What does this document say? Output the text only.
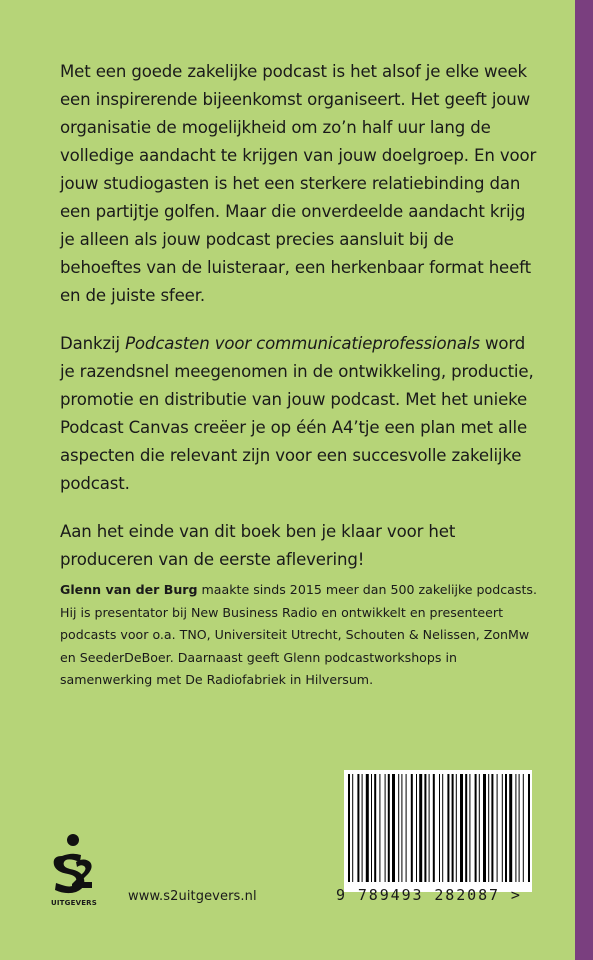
Met een goede zakelijke podcast is het alsof je elke week een inspirerende bijeenkomst organiseert. Het geeft jouw organisatie de mogelijkheid om zo’n half uur lang de volledige aandacht te krijgen van jouw doelgroep. En voor jouw studiogasten is het een sterkere relatiebinding dan een partijtje golfen. Maar die onverdeelde aandacht krijg je alleen als jouw podcast precies aansluit bij de behoeftes van de luisteraar, een herkenbaar format heeft en de juiste sfeer.

Dankzij Podcasten voor communicatieprofessionals word je razendsnel meegenomen in de ontwikkeling, productie, promotie en distributie van jouw podcast. Met het unieke Podcast Canvas creëer je op één A4’tje een plan met alle aspecten die relevant zijn voor een succesvolle zakelijke podcast.

Aan het einde van dit boek ben je klaar voor het produceren van de eerste aflevering!

Glenn van der Burg maakte sinds 2015 meer dan 500 zakelijke podcasts. Hij is presentator bij New Business Radio en ontwikkelt en presenteert podcasts voor o.a. TNO, Universiteit Utrecht, Schouten & Nelissen, ZonMw en SeederDeBoer. Daarnaast geeft Glenn podcastworkshops in samenwerking met De Radiofabriek in Hilversum.

UITGEVERS	www.s2uitgevers.nl	9 789493 282087 >
